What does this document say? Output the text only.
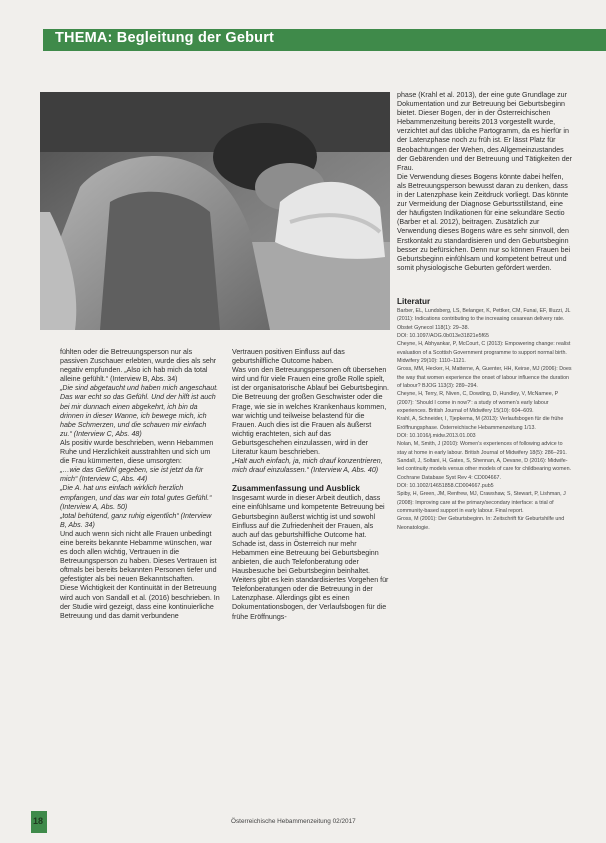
THEMA: Begleitung der Geburt

fühlten oder die Betreuungsperson nur als passiven Zuschauer erlebten, wurde dies als sehr negativ empfunden. „Also ich hab mich da total alleine gefühlt.“ (Interview B, Abs. 34)

„Die sind abgetaucht und haben mich angeschaut. Das war echt so das Gefühl. Und der hilft ist auch bei mir dunnach einen abgekehrt, ich bin da drinnen in dieser Wanne, ich bewege mich, ich habe Schmerzen, und die schauen mir einfach zu.“ (Interview C, Abs. 48)

Als positiv wurde beschrieben, wenn Hebammen Ruhe und Herzlichkeit ausstrahlten und sich um die Frau kümmerten, diese umsorgten:

„…wie das Gefühl gegeben, sie ist jetzt da für mich“ (Interview C, Abs. 44)

„Die A. hat uns einfach wirklich herzlich empfangen, und das war ein total gutes Gefühl.“ (Interview A, Abs. 50)

„total behütend, ganz ruhig eigentlich“ (Interview B, Abs. 34)

Und auch wenn sich nicht alle Frauen unbedingt eine bereits bekannte Hebamme wünschen, war es doch allen wichtig, Vertrauen in die Betreuungsperson zu haben. Dieses Vertrauen ist oftmals bei bereits bekannten Personen tiefer und gefestigter als bei neuen Bekanntschaften.

Diese Wichtigkeit der Kontinuität in der Betreuung wird auch von Sandall et al. (2016) beschrieben. In der Studie wird gezeigt, dass eine kontinuierliche Betreuung und das damit verbundene

Vertrauen positiven Einfluss auf das geburtshilfliche Outcome haben.

Was von den Betreuungspersonen oft übersehen wird und für viele Frauen eine große Rolle spielt, ist der organisatorische Ablauf bei Geburtsbeginn. Die Betreuung der großen Geschwister oder die Frage, wie sie in welches Krankenhaus kommen, war wichtig und teilweise belastend für die Frauen. Auch dies ist die Frauen als äußerst wichtig erachteten, sich auf das Geburtsgeschehen einzulassen, wird in der Literatur kaum beschrieben.

„Halt auch einfach, ja, mich drauf konzentrieren, mich drauf einzulassen.“ (Interview A, Abs. 40)

Zusammenfassung und Ausblick

Insgesamt wurde in dieser Arbeit deutlich, dass eine einfühlsame und kompetente Betreuung bei Geburtsbeginn äußerst wichtig ist und sowohl Einfluss auf die Zufriedenheit der Frauen, als auch auf das geburtshilfliche Outcome hat.

Schade ist, dass in Österreich nur mehr Hebammen eine Betreuung bei Geburtsbeginn anbieten, die auch Telefonberatung oder Hausbesuche bei Geburtsbeginn beinhaltet. Weiters gibt es kein standardisiertes Vorgehen für Telefonberatungen oder die Betreuung in der Latenzphase. Allerdings gibt es einen Dokumentationsbogen, der Verlaufsbogen für die frühe Eröffnungs-

phase (Krahl et al. 2013), der eine gute Grundlage zur Dokumentation und zur Betreuung bei Geburtsbeginn bietet. Dieser Bogen, der in der Österreichischen Hebammenzeitung bereits 2013 vorgestellt wurde, verzichtet auf das übliche Partogramm, da es hierfür in der Latenzphase noch zu früh ist. Er lässt Platz für Beobachtungen der Wehen, des Allgemeinzustandes der Gebärenden und der Betreuung und Tätigkeiten der Frau.

Die Verwendung dieses Bogens könnte dabei helfen, als Betreuungsperson bewusst daran zu denken, dass in der Latenzphase kein Zeitdruck vorliegt. Das könnte zur Vermeidung der Diagnose Geburtsstillstand, eine der häufigsten Indikationen für eine sekundäre Sectio (Barber et al. 2012), beitragen. Zusätzlich zur Verwendung dieses Bogens wäre es sehr sinnvoll, den Erstkontakt zu standardisieren und den Geburtsbeginn besser zu befürsichen. Denn nur so können Frauen bei Geburtsbeginn einfühlsam und kompetent betreut und somit physiologische Geburten gefördert werden.

Literatur

Barber, EL, Lundsberg, LS, Belanger, K, Pettker, CM, Funai, EF, Illuzzi, JL (2011): Indications contributing to the increasing cesarean delivery rate. Obstet Gynecol 118(1): 29–38.

DOI: 10.1097/AOG.0b013e31821e5f65

Cheyne, H, Abhyankar, P, McCourt, C (2013): Empowering change: realist evaluation of a Scottish Government programme to support normal birth. Midwifery 29(10): 1110–1121.

Gross, MM, Hecker, H, Matterne, A, Guenter, HH, Keirse, MJ (2006): Does the way that women experience the onset of labour influence the duration of labour? BJOG 113(3): 289–294.

Cheyne, H, Terry, R, Niven, C, Dowding, D, Hundley, V, McNamee, P (2007): ‘Should I come in now?’: a study of women’s early labour experiences. British Journal of Midwifery 15(10): 604–609.

Krahl, A, Schneider, I, Tjepkema, M (2013): Verlaufsbogen für die frühe Eröffnungsphase. Österreichische Hebammenzeitung 1/13.

DOI: 10.1016/j.midw.2013.01.003

Nolan, M, Smith, J (2010): Women’s experiences of following advice to stay at home in early labour. British Journal of Midwifery 18(5): 286–291.

Sandall, J, Soltani, H, Gates, S, Shennan, A, Devane, D (2016): Midwife-led continuity models versus other models of care for childbearing women. Cochrane Database Syst Rev 4: CD004667.

DOI: 10.1002/14651858.CD004667.pub5

Spiby, H, Green, JM, Renfrew, MJ, Crawshaw, S, Stewart, P, Lishman, J (2008): Improving care at the primary/secondary interface: a trial of community-based support in early labour. Final report.

Gross, M (2001): Der Geburtsbeginn. In: Zeitschrift für Geburtshilfe und Neonatologie.

18	Österreichische Hebammenzeitung 02/2017
